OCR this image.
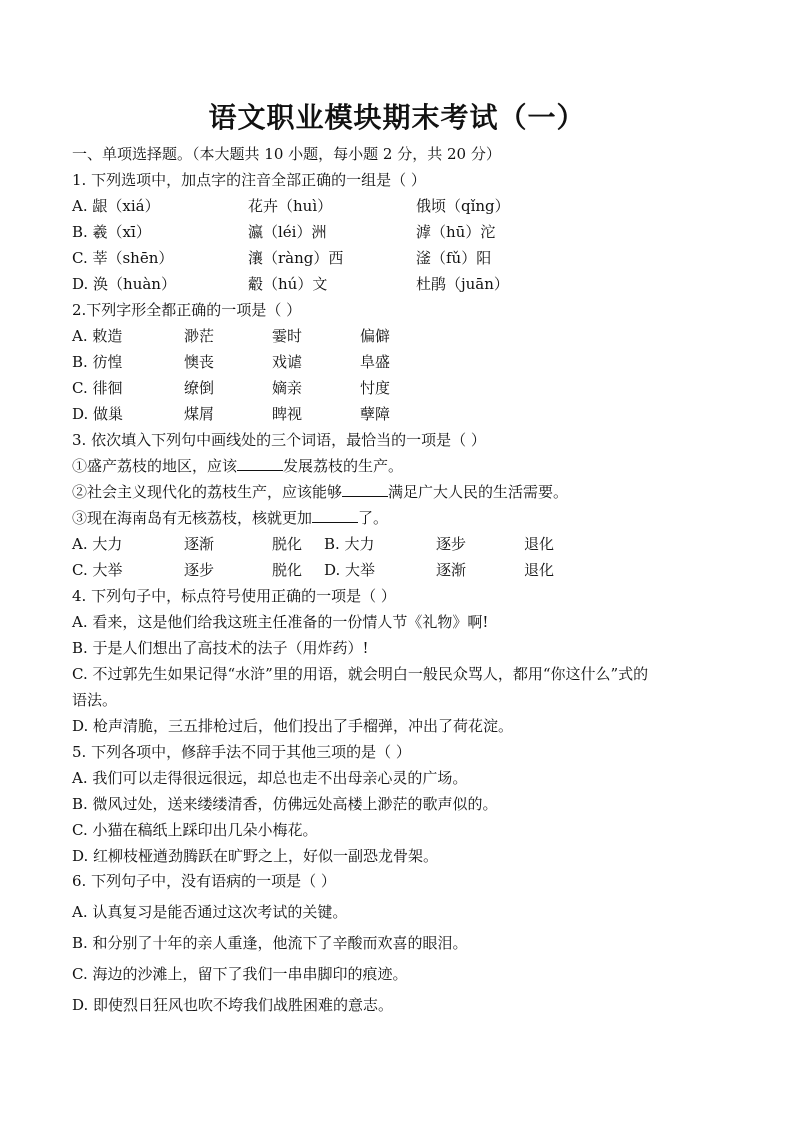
语文职业模块期末考试（一）
一、单项选择题。（本大题共 10 小题，每小题 2 分，共 20 分）
1. 下列选项中，加点字的注音全部正确的一组是（ ）
A. 龈（xiá）	花卉（huì）	俄顷（qǐng）
B. 羲（xī）	瀛（léi）洲	滹（hū）沱
C. 莘（shēn）	瀼（ràng）西	滏（fǔ）阳
D. 涣（huàn）	觳（hú）文	杜鹃（juān）
2.下列字形全都正确的一项是（ ）
A. 敕造	渺茫	霎时	偏僻
B. 彷惶	懊丧	戏谑	阜盛
C. 徘徊	缭倒	嫡亲	忖度
D. 做巢	煤屑	睥视	孽障
3. 依次填入下列句中画线处的三个词语，最恰当的一项是（ ）
①盛产荔枝的地区，应该	发展荔枝的生产。
②社会主义现代化的荔枝生产，应该能够	满足广大人民的生活需要。
③现在海南岛有无核荔枝，核就更加	了。
A. 大力	逐渐	脱化 B. 大力	逐步	退化
C. 大举	逐步	脱化 D. 大举	逐渐	退化
4. 下列句子中，标点符号使用正确的一项是（ ）
A. 看来，这是他们给我这班主任准备的一份情人节《礼物》啊!
B. 于是人们想出了高技术的法子（用炸药）!
C. 不过郭先生如果记得“水浒”里的用语，就会明白一般民众骂人，都用“你这什么”式的
语法。
D. 枪声清脆，三五排枪过后，他们投出了手榴弹，冲出了荷花淀。
5. 下列各项中，修辞手法不同于其他三项的是（ ）
A. 我们可以走得很远很远，却总也走不出母亲心灵的广场。
B. 微风过处，送来缕缕清香，仿佛远处高楼上渺茫的歌声似的。
C. 小猫在稿纸上踩印出几朵小梅花。
D. 红柳枝桠遒劲腾跃在旷野之上，好似一副恐龙骨架。
6. 下列句子中，没有语病的一项是（ ）
A. 认真复习是能否通过这次考试的关键。
B. 和分别了十年的亲人重逢，他流下了辛酸而欢喜的眼泪。
C. 海边的沙滩上，留下了我们一串串脚印的痕迹。
D. 即使烈日狂风也吹不垮我们战胜困难的意志。
